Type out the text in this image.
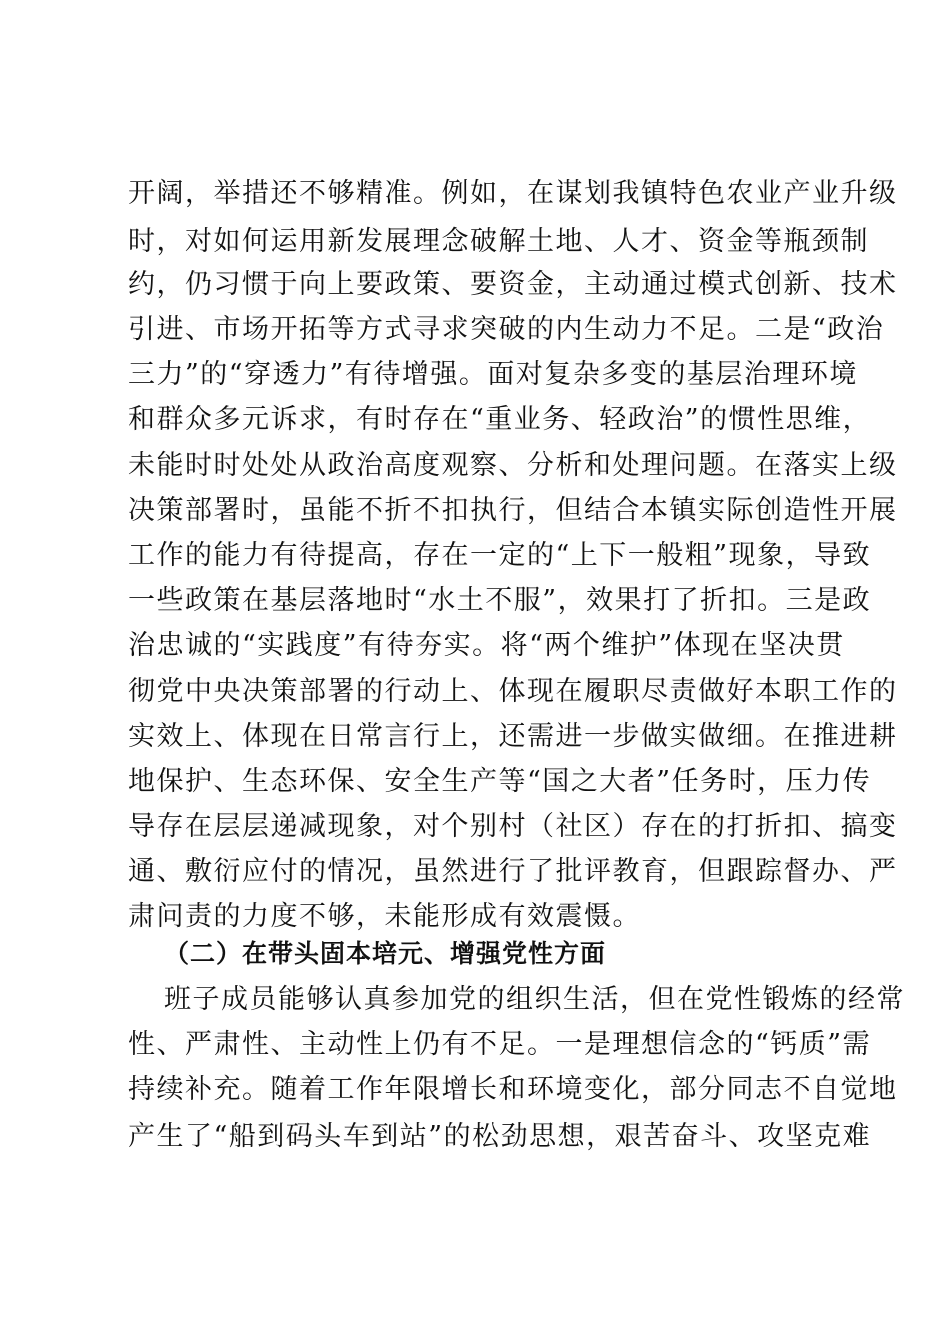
开阔，举措还不够精准。例如，在谋划我镇特色农业产业升级
时，对如何运用新发展理念破解土地、人才、资金等瓶颈制
约，仍习惯于向上要政策、要资金，主动通过模式创新、技术
引进、市场开拓等方式寻求突破的内生动力不足。二是“政治
三力”的“穿透力”有待增强。面对复杂多变的基层治理环境
和群众多元诉求，有时存在“重业务、轻政治”的惯性思维，
未能时时处处从政治高度观察、分析和处理问题。在落实上级
决策部署时，虽能不折不扣执行，但结合本镇实际创造性开展
工作的能力有待提高，存在一定的“上下一般粗”现象，导致
一些政策在基层落地时“水土不服”，效果打了折扣。三是政
治忠诚的“实践度”有待夯实。将“两个维护”体现在坚决贯
彻党中央决策部署的行动上、体现在履职尽责做好本职工作的
实效上、体现在日常言行上，还需进一步做实做细。在推进耕
地保护、生态环保、安全生产等“国之大者”任务时，压力传
导存在层层递减现象，对个别村（社区）存在的打折扣、搞变
通、敷衍应付的情况，虽然进行了批评教育，但跟踪督办、严
肃问责的力度不够，未能形成有效震慑。
（二）在带头固本培元、增强党性方面
班子成员能够认真参加党的组织生活，但在党性锻炼的经常
性、严肃性、主动性上仍有不足。一是理想信念的“钙质”需
持续补充。随着工作年限增长和环境变化，部分同志不自觉地
产生了“船到码头车到站”的松劲思想，艰苦奋斗、攻坚克难
